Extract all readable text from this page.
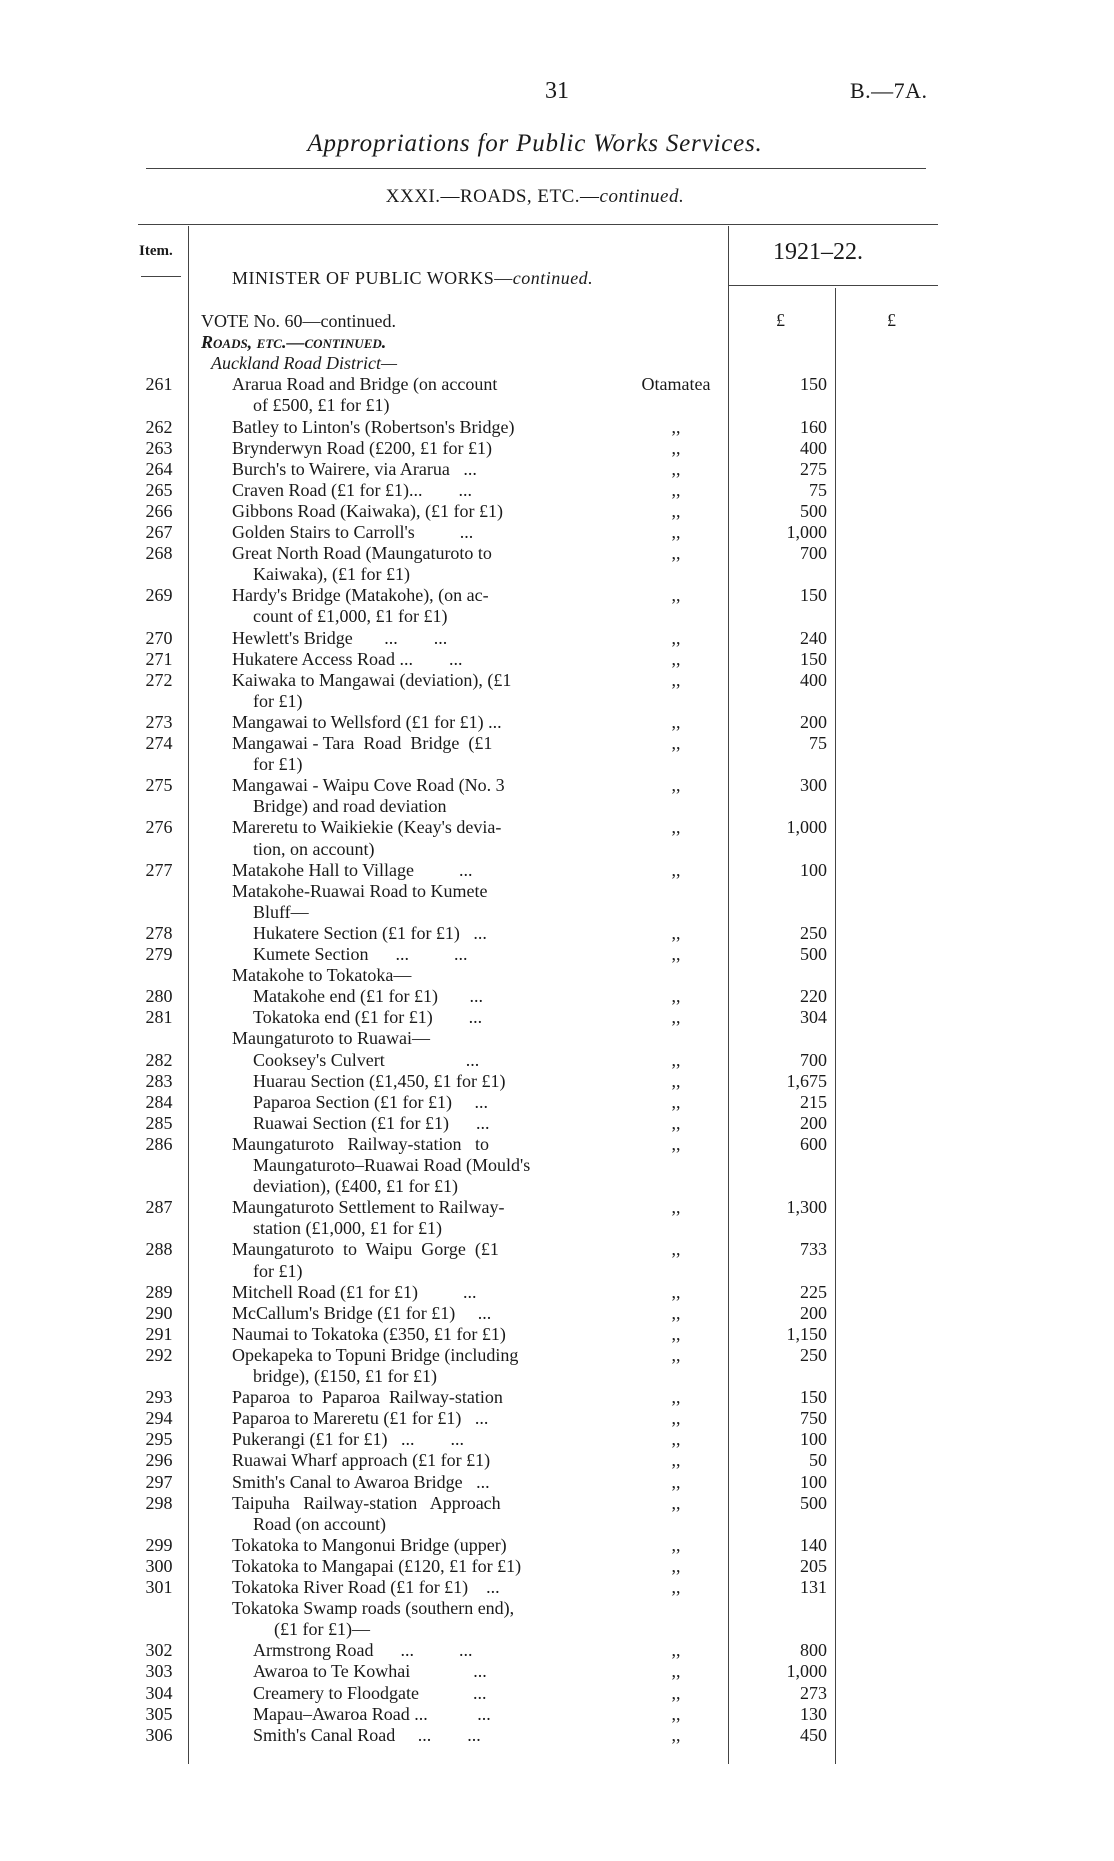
31	B.—7A.
Appropriations for Public Works Services.
XXXI.—ROADS, ETC.—continued.
Item.	1921–22.
MINISTER OF PUBLIC WORKS—continued.
£	£
VOTE No. 60—continued.
Roads, etc.—continued.
Auckland Road District—
261	Ararua Road and Bridge (on account	Otamatea	150
of £500, £1 for £1)
262	Batley to Linton's (Robertson's Bridge)	,,	160
263	Brynderwyn Road (£200, £1 for £1)	,,	400
264	Burch's to Wairere, via Ararua   ...	,,	275
265	Craven Road (£1 for £1)...        ...	,,	75
266	Gibbons Road (Kaiwaka), (£1 for £1)	,,	500
267	Golden Stairs to Carroll's          ...	,,	1,000
268	Great North Road (Maungaturoto to	,,	700
Kaiwaka), (£1 for £1)
269	Hardy's Bridge (Matakohe), (on ac-	,,	150
count of £1,000, £1 for £1)
270	Hewlett's Bridge       ...        ...	,,	240
271	Hukatere Access Road ...        ...	,,	150
272	Kaiwaka to Mangawai (deviation), (£1	,,	400
for £1)
273	Mangawai to Wellsford (£1 for £1) ...	,,	200
274	Mangawai - Tara  Road  Bridge  (£1	,,	75
for £1)
275	Mangawai - Waipu Cove Road (No. 3	,,	300
Bridge) and road deviation
276	Mareretu to Waikiekie (Keay's devia-	,,	1,000
tion, on account)
277	Matakohe Hall to Village          ...	,,	100
Matakohe-Ruawai Road to Kumete
Bluff—
278	Hukatere Section (£1 for £1)   ...	,,	250
279	Kumete Section      ...          ...	,,	500
Matakohe to Tokatoka—
280	Matakohe end (£1 for £1)       ...	,,	220
281	Tokatoka end (£1 for £1)        ...	,,	304
Maungaturoto to Ruawai—
282	Cooksey's Culvert                  ...	,,	700
283	Huarau Section (£1,450, £1 for £1)	,,	1,675
284	Paparoa Section (£1 for £1)     ...	,,	215
285	Ruawai Section (£1 for £1)      ...	,,	200
286	Maungaturoto   Railway-station   to	,,	600
Maungaturoto–Ruawai Road (Mould's
deviation), (£400, £1 for £1)
287	Maungaturoto Settlement to Railway-	,,	1,300
station (£1,000, £1 for £1)
288	Maungaturoto  to  Waipu  Gorge  (£1	,,	733
for £1)
289	Mitchell Road (£1 for £1)          ...	,,	225
290	McCallum's Bridge (£1 for £1)     ...	,,	200
291	Naumai to Tokatoka (£350, £1 for £1)	,,	1,150
292	Opekapeka to Topuni Bridge (including	,,	250
bridge), (£150, £1 for £1)
293	Paparoa  to  Paparoa  Railway-station	,,	150
294	Paparoa to Mareretu (£1 for £1)   ...	,,	750
295	Pukerangi (£1 for £1)   ...        ...	,,	100
296	Ruawai Wharf approach (£1 for £1)	,,	50
297	Smith's Canal to Awaroa Bridge   ...	,,	100
298	Taipuha   Railway-station   Approach	,,	500
Road (on account)
299	Tokatoka to Mangonui Bridge (upper)	,,	140
300	Tokatoka to Mangapai (£120, £1 for £1)	,,	205
301	Tokatoka River Road (£1 for £1)    ...	,,	131
Tokatoka Swamp roads (southern end),
(£1 for £1)—
302	Armstrong Road      ...          ...	,,	800
303	Awaroa to Te Kowhai              ...	,,	1,000
304	Creamery to Floodgate            ...	,,	273
305	Mapau–Awaroa Road ...           ...	,,	130
306	Smith's Canal Road     ...        ...	,,	450
